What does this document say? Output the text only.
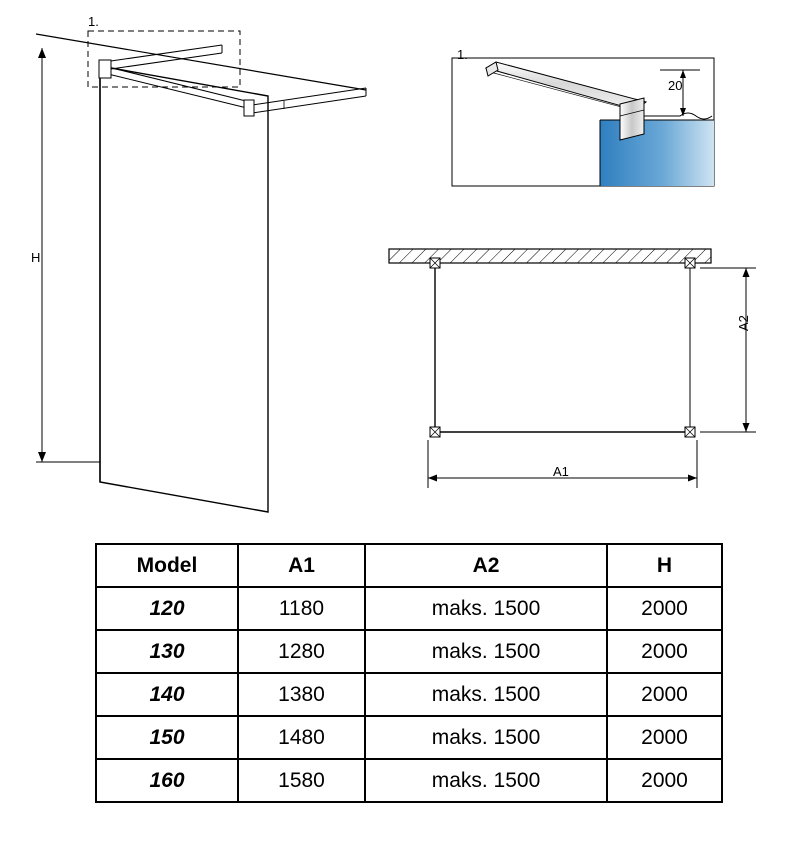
H
1.
1.
20
A1
A2
Model	A1	A2	H
120	1180	maks. 1500	2000
130	1280	maks. 1500	2000
140	1380	maks. 1500	2000
150	1480	maks. 1500	2000
160	1580	maks. 1500	2000
